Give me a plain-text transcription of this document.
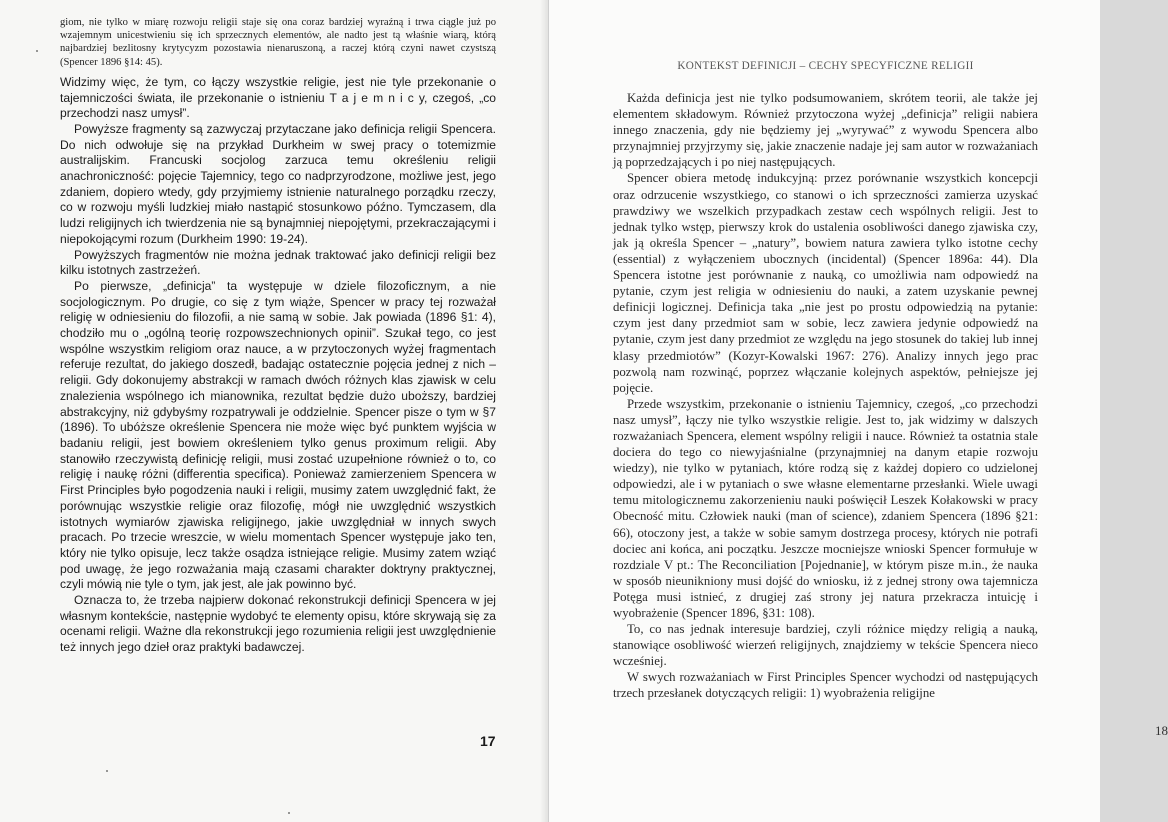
giom, nie tylko w miarę rozwoju religii staje się ona coraz bardziej wyraźną i trwa ciągle już po wzajemnym unicestwieniu się ich sprzecznych elementów, ale nadto jest tą właśnie wiarą, którą najbardziej bezlitosny krytycyzm pozostawia nienaruszoną, a raczej którą czyni nawet czystszą (Spencer 1896 §14: 45).

Widzimy więc, że tym, co łączy wszystkie religie, jest nie tyle przekonanie o tajemniczości świata, ile przekonanie o istnieniu T a j e m n i c y, czegoś, „co przechodzi nasz umysł”.

Powyższe fragmenty są zazwyczaj przytaczane jako definicja religii Spencera. Do nich odwołuje się na przykład Durkheim w swej pracy o totemizmie australijskim. Francuski socjolog zarzuca temu określeniu religii anachroniczność: pojęcie Tajemnicy, tego co nadprzyrodzone, możliwe jest, jego zdaniem, dopiero wtedy, gdy przyjmiemy istnienie naturalnego porządku rzeczy, co w rozwoju myśli ludzkiej miało nastąpić stosunkowo późno. Tymczasem, dla ludzi religijnych ich twierdzenia nie są bynajmniej niepojętymi, przekraczającymi i niepokojącymi rozum (Durkheim 1990: 19-24).

Powyższych fragmentów nie można jednak traktować jako definicji religii bez kilku istotnych zastrzeżeń.

Po pierwsze, „definicja” ta występuje w dziele filozoficznym, a nie socjologicznym. Po drugie, co się z tym wiąże, Spencer w pracy tej rozważał religię w odniesieniu do filozofii, a nie samą w sobie. Jak powiada (1896 §1: 4), chodziło mu o „ogólną teorię rozpowszechnionych opinii”. Szukał tego, co jest wspólne wszystkim religiom oraz nauce, a w przytoczonych wyżej fragmentach referuje rezultat, do jakiego doszedł, badając ostatecznie pojęcia jednej z nich – religii. Gdy dokonujemy abstrakcji w ramach dwóch różnych klas zjawisk w celu znalezienia wspólnego ich mianownika, rezultat będzie dużo uboższy, bardziej abstrakcyjny, niż gdybyśmy rozpatrywali je oddzielnie. Spencer pisze o tym w §7 (1896). To ubóższe określenie Spencera nie może więc być punktem wyjścia w badaniu religii, jest bowiem określeniem tylko genus proximum religii. Aby stanowiło rzeczywistą definicję religii, musi zostać uzupełnione również o to, co religię i naukę różni (differentia specifica). Ponieważ zamierzeniem Spencera w First Principles było pogodzenia nauki i religii, musimy zatem uwzględnić fakt, że porównując wszystkie religie oraz filozofię, mógł nie uwzględnić wszystkich istotnych wymiarów zjawiska religijnego, jakie uwzględniał w innych swych pracach. Po trzecie wreszcie, w wielu momentach Spencer występuje jako ten, który nie tylko opisuje, lecz także osądza istniejące religie. Musimy zatem wziąć pod uwagę, że jego rozważania mają czasami charakter doktryny praktycznej, czyli mówią nie tyle o tym, jak jest, ale jak powinno być.

Oznacza to, że trzeba najpierw dokonać rekonstrukcji definicji Spencera w jej własnym kontekście, następnie wydobyć te elementy opisu, które skrywają się za ocenami religii. Ważne dla rekonstrukcji jego rozumienia religii jest uwzględnienie też innych jego dzieł oraz praktyki badawczej.

17
KONTEKST DEFINICJI – CECHY SPECYFICZNE RELIGII

Każda definicja jest nie tylko podsumowaniem, skrótem teorii, ale także jej elementem składowym. Również przytoczona wyżej „definicja” religii nabiera innego znaczenia, gdy nie będziemy jej „wyrywać” z wywodu Spencera albo przynajmniej przyjrzymy się, jakie znaczenie nadaje jej sam autor w rozważaniach ją poprzedzających i po niej następujących.

Spencer obiera metodę indukcyjną: przez porównanie wszystkich koncepcji oraz odrzucenie wszystkiego, co stanowi o ich sprzeczności zamierza uzyskać prawdziwy we wszelkich przypadkach zestaw cech wspólnych religii. Jest to jednak tylko wstęp, pierwszy krok do ustalenia osobliwości danego zjawiska czy, jak ją określa Spencer – „natury”, bowiem natura zawiera tylko istotne cechy (essential) z wyłączeniem ubocznych (incidental) (Spencer 1896a: 44). Dla Spencera istotne jest porównanie z nauką, co umożliwia nam odpowiedź na pytanie, czym jest religia w odniesieniu do nauki, a zatem uzyskanie pewnej definicji logicznej. Definicja taka „nie jest po prostu odpowiedzią na pytanie: czym jest dany przedmiot sam w sobie, lecz zawiera jedynie odpowiedź na pytanie, czym jest dany przedmiot ze względu na jego stosunek do takiej lub innej klasy przedmiotów” (Kozyr-Kowalski 1967: 276). Analizy innych jego prac pozwolą nam rozwinąć, poprzez włączanie kolejnych aspektów, pełniejsze jej pojęcie.

Przede wszystkim, przekonanie o istnieniu Tajemnicy, czegoś, „co przechodzi nasz umysł”, łączy nie tylko wszystkie religie. Jest to, jak widzimy w dalszych rozważaniach Spencera, element wspólny religii i nauce. Również ta ostatnia stale dociera do tego co niewyjaśnialne (przynajmniej na danym etapie rozwoju wiedzy), nie tylko w pytaniach, które rodzą się z każdej dopiero co udzielonej odpowiedzi, ale i w pytaniach o swe własne elementarne przesłanki. Wiele uwagi temu mitologicznemu zakorzenieniu nauki poświęcił Leszek Kołakowski w pracy Obecność mitu. Człowiek nauki (man of science), zdaniem Spencera (1896 §21: 66), otoczony jest, a także w sobie samym dostrzega procesy, których nie potrafi dociec ani końca, ani początku. Jeszcze mocniejsze wnioski Spencer formułuje w rozdziale V pt.: The Reconciliation [Pojednanie], w którym pisze m.in., że nauka w sposób nieunikniony musi dojść do wniosku, iż z jednej strony owa tajemnicza Potęga musi istnieć, z drugiej zaś strony jej natura przekracza intuicję i wyobrażenie (Spencer 1896, §31: 108).

To, co nas jednak interesuje bardziej, czyli różnice między religią a nauką, stanowiące osobliwość wierzeń religijnych, znajdziemy w tekście Spencera nieco wcześniej.

W swych rozważaniach w First Principles Spencer wychodzi od następujących trzech przesłanek dotyczących religii: 1) wyobrażenia religijne

18
